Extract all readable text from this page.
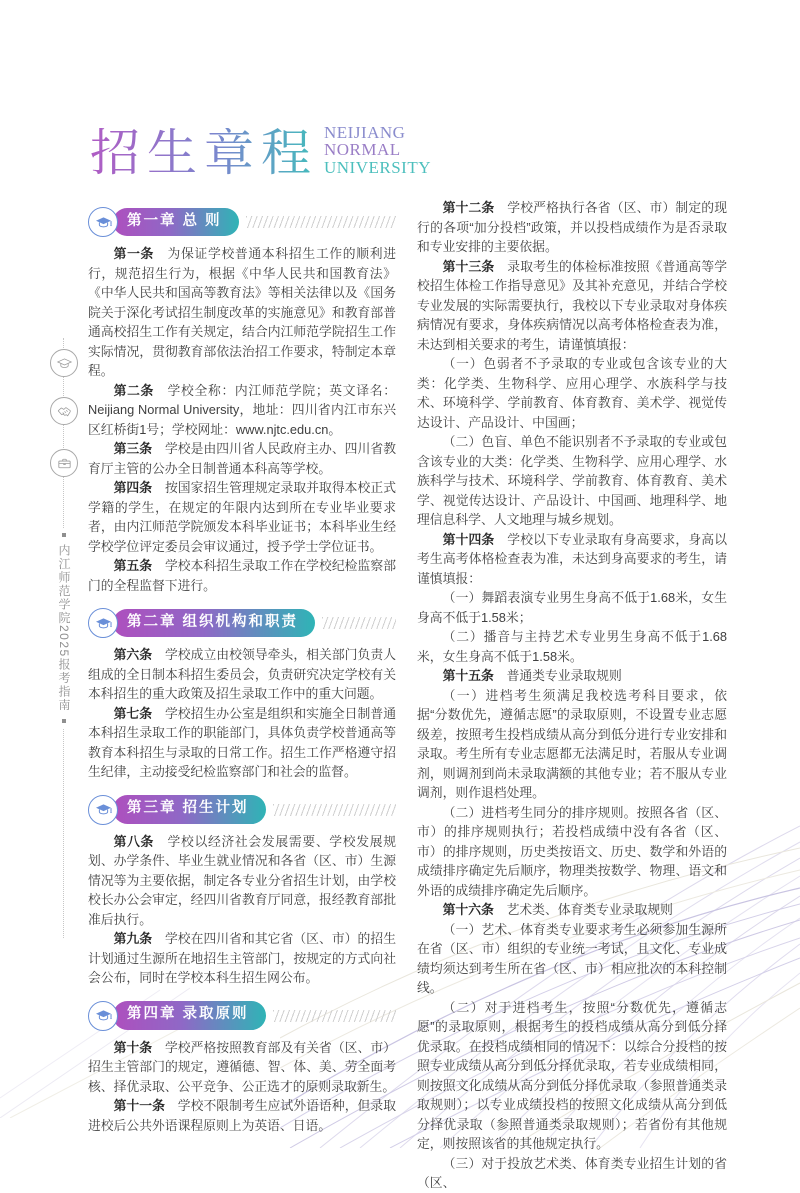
招生章程 NEIJIANG
NORMAL
UNIVERSITY
内江师范学院2025报考指南
第一章 总 则

第一条　为保证学校普通本科招生工作的顺利进行，规范招生行为，根据《中华人民共和国教育法》《中华人民共和国高等教育法》等相关法律以及《国务院关于深化考试招生制度改革的实施意见》和教育部普通高校招生工作有关规定，结合内江师范学院招生工作实际情况，贯彻教育部依法治招工作要求，特制定本章程。

第二条　学校全称：内江师范学院；英文译名：Neijiang Normal University，地址：四川省内江市东兴区红桥街1号；学校网址：www.njtc.edu.cn。

第三条　学校是由四川省人民政府主办、四川省教育厅主管的公办全日制普通本科高等学校。

第四条　按国家招生管理规定录取并取得本校正式学籍的学生，在规定的年限内达到所在专业毕业要求者，由内江师范学院颁发本科毕业证书；本科毕业生经学校学位评定委员会审议通过，授予学士学位证书。

第五条　学校本科招生录取工作在学校纪检监察部门的全程监督下进行。

第二章 组织机构和职责

第六条　学校成立由校领导牵头，相关部门负责人组成的全日制本科招生委员会，负责研究决定学校有关本科招生的重大政策及招生录取工作中的重大问题。

第七条　学校招生办公室是组织和实施全日制普通本科招生录取工作的职能部门，具体负责学校普通高等教育本科招生与录取的日常工作。招生工作严格遵守招生纪律，主动接受纪检监察部门和社会的监督。

第三章 招生计划

第八条　学校以经济社会发展需要、学校发展规划、办学条件、毕业生就业情况和各省（区、市）生源情况等为主要依据，制定各专业分省招生计划，由学校校长办公会审定，经四川省教育厅同意，报经教育部批准后执行。

第九条　学校在四川省和其它省（区、市）的招生计划通过生源所在地招生主管部门，按规定的方式向社会公布，同时在学校本科生招生网公布。

第四章 录取原则

第十条　学校严格按照教育部及有关省（区、市）招生主管部门的规定，遵循德、智、体、美、劳全面考核、择优录取、公平竞争、公正选才的原则录取新生。

第十一条　学校不限制考生应试外语语种，但录取进校后公共外语课程原则上为英语、日语。

第十二条　学校严格执行各省（区、市）制定的现行的各项“加分投档”政策，并以投档成绩作为是否录取和专业安排的主要依据。

第十三条　录取考生的体检标准按照《普通高等学校招生体检工作指导意见》及其补充意见，并结合学校专业发展的实际需要执行，我校以下专业录取对身体疾病情况有要求，身体疾病情况以高考体格检查表为准，未达到相关要求的考生，请谨慎填报：

（一）色弱者不予录取的专业或包含该专业的大类：化学类、生物科学、应用心理学、水族科学与技术、环境科学、学前教育、体育教育、美术学、视觉传达设计、产品设计、中国画；

（二）色盲、单色不能识别者不予录取的专业或包含该专业的大类：化学类、生物科学、应用心理学、水族科学与技术、环境科学、学前教育、体育教育、美术学、视觉传达设计、产品设计、中国画、地理科学、地理信息科学、人文地理与城乡规划。

第十四条　学校以下专业录取有身高要求，身高以考生高考体格检查表为准，未达到身高要求的考生，请谨慎填报：

（一）舞蹈表演专业男生身高不低于1.68米，女生身高不低于1.58米；

（二）播音与主持艺术专业男生身高不低于1.68米，女生身高不低于1.58米。

第十五条　普通类专业录取规则

（一）进档考生须满足我校选考科目要求，依据“分数优先，遵循志愿”的录取原则，不设置专业志愿级差，按照考生投档成绩从高分到低分进行专业安排和录取。考生所有专业志愿都无法满足时，若服从专业调剂，则调剂到尚未录取满额的其他专业；若不服从专业调剂，则作退档处理。

（二）进档考生同分的排序规则。按照各省（区、市）的排序规则执行；若投档成绩中没有各省（区、市）的排序规则，历史类按语文、历史、数学和外语的成绩排序确定先后顺序，物理类按数学、物理、语文和外语的成绩排序确定先后顺序。

第十六条　艺术类、体育类专业录取规则

（一）艺术、体育类专业要求考生必须参加生源所在省（区、市）组织的专业统一考试，且文化、专业成绩均须达到考生所在省（区、市）相应批次的本科控制线。

（二）对于进档考生，按照“分数优先，遵循志愿”的录取原则，根据考生的投档成绩从高分到低分择优录取。在投档成绩相同的情况下：以综合分投档的按照专业成绩从高分到低分择优录取，若专业成绩相同，则按照文化成绩从高分到低分择优录取（参照普通类录取规则）；以专业成绩投档的按照文化成绩从高分到低分择优录取（参照普通类录取规则）；若省份有其他规定，则按照该省的其他规定执行。

（三）对于投放艺术类、体育类专业招生计划的省（区、
